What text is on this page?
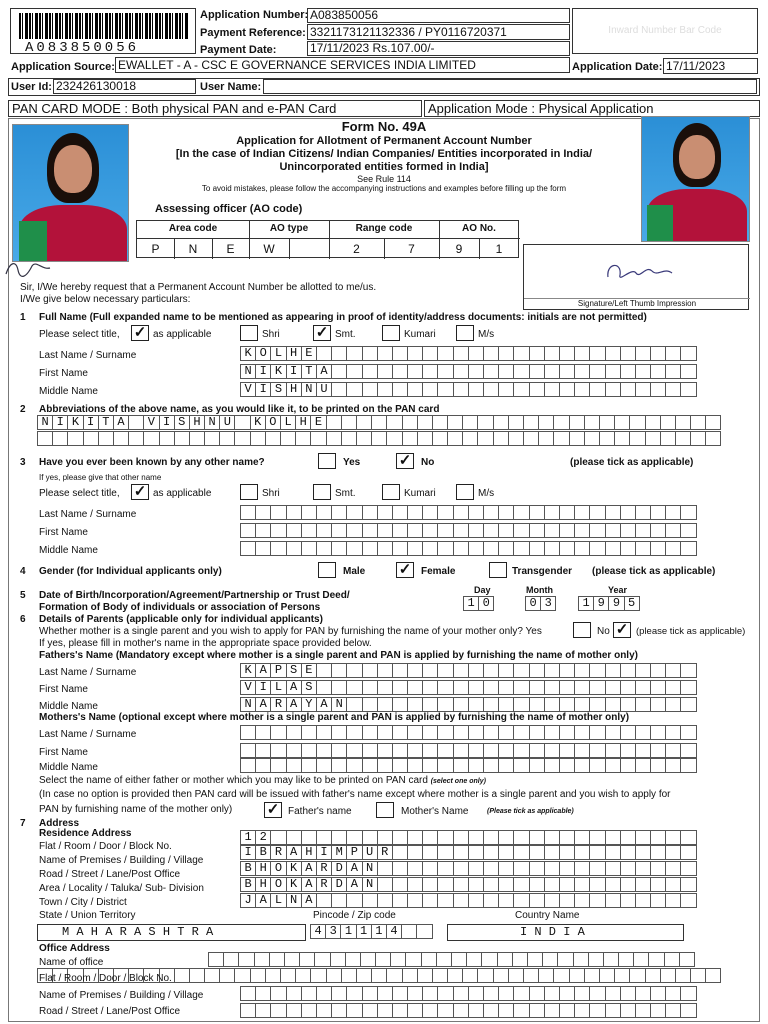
A083850056
Application Number: A083850056
Payment Reference: 3321173121132336 / PY0116720371
Payment Date:	17/11/2023 Rs.107.00/-
Inward Number Bar Code
Application Source: EWALLET - A - CSC E GOVERNANCE SERVICES INDIA LIMITED	Application Date: 17/11/2023
User Id: 232426130018	User Name:
PAN CARD MODE : Both physical PAN and e-PAN Card	Application Mode : Physical Application
Form No. 49A
Application for Allotment of Permanent Account Number
[In the case of Indian Citizens/ Indian Companies/ Entities incorporated in India/
Unincorporated entities formed in India]
See Rule 114
To avoid mistakes, please follow the accompanying instructions and examples before filling up the form
Assessing officer (AO code)
Area code	AO type	Range code	AO No.
P	N	E	W	2	7	9	1
Signature/Left Thumb Impression
Sir, I/We hereby request that a Permanent Account Number be allotted to me/us.
I/We give below necessary particulars:
1 Full Name (Full expanded name to be mentioned as appearing in proof of identity/address documents: initials are not permitted)
Please select title, ✓ as applicable	Shri ✓ Smt.	Kumari	M/s
Last Name / Surname	K O L H E
First Name	N I K I T A
Middle Name	V I S H N U
2 Abbreviations of the above name, as you would like it, to be printed on the PAN card
N I K I T A	V I S H N U	K O L H E
3 Have you ever been known by any other name?	Yes	✓ No	(please tick as applicable)
If yes, please give that other name
Please select title, ✓ as applicable	Shri	Smt.	Kumari	M/s
Last Name / Surname
First Name
Middle Name
4 Gender (for Individual applicants only)	Male ✓ Female	Transgender (please tick as applicable)
5 Date of Birth/Incorporation/Agreement/Partnership or Trust Deed/
Formation of Body of individuals or association of Persons
Day	Month	Year
1 0	0 3	1 9 9 5
6 Details of Parents (applicable only for individual applicants)
Whether mother is a single parent and you wish to apply for PAN by furnishing the name of your mother only? Yes	No ✓ (please tick as applicable)
If yes, please fill in mother's name in the appropriate space provided below.
Fathers's Name (Mandatory except where mother is a single parent and PAN is applied by furnishing the name of mother only)
Last Name / Surname	K A P S E
First Name	V I L A S
Middle Name	N A R A Y A N
Mothers's Name (optional except where mother is a single parent and PAN is applied by furnishing the name of mother only)
Last Name / Surname
First Name
Middle Name
Select the name of either father or mother which you may like to be printed on PAN card (select one only)
(In case no option is provided then PAN card will be issued with father's name except where mother is a single parent and you wish to apply for
PAN by furnishing name of the mother only) ✓ Father's name	Mother's Name	(Please tick as applicable)
7 Address
Residence Address
Flat / Room / Door / Block No.
1 2
Name of Premises / Building / Village
I B R A H I M P U R
Road / Street / Lane/Post Office	B H O K A R D A N
Area / Locality / Taluka/ Sub- Division	B H O K A R D A N
Town / City / District	J A L N A
State / Union Territory	Pincode / Zip code	Country Name
M A H A R A S H T R A	4 3 1 1 1 4	I N D I A
Office Address
Name of office
Flat / Room / Door / Block No.
Name of Premises / Building / Village
Road / Street / Lane/Post Office
